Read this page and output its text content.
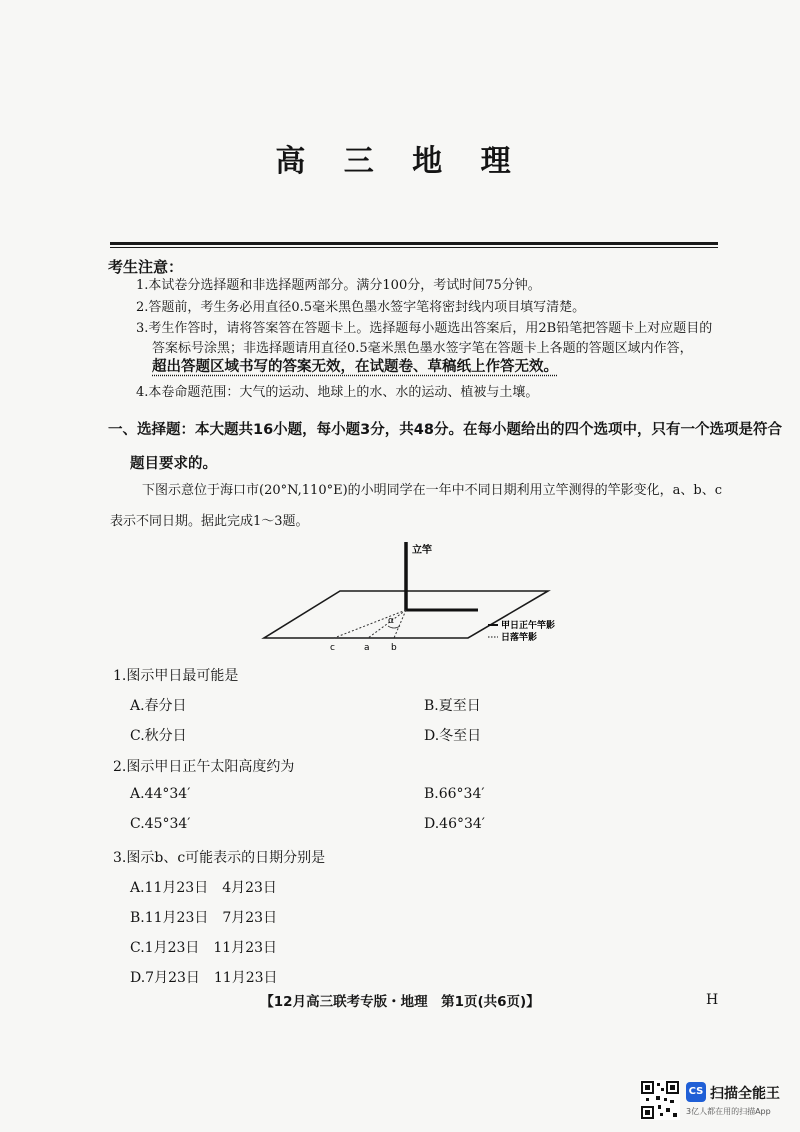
高 三 地 理
考生注意：
1.本试卷分选择题和非选择题两部分。满分100分，考试时间75分钟。
2.答题前，考生务必用直径0.5毫米黑色墨水签字笔将密封线内项目填写清楚。
3.考生作答时，请将答案答在答题卡上。选择题每小题选出答案后，用2B铅笔把答题卡上对应题目的
答案标号涂黑；非选择题请用直径0.5毫米黑色墨水签字笔在答题卡上各题的答题区域内作答，
超出答题区域书写的答案无效，在试题卷、草稿纸上作答无效。
4.本卷命题范围：大气的运动、地球上的水、水的运动、植被与土壤。
一、选择题：本大题共16小题，每小题3分，共48分。在每小题给出的四个选项中，只有一个选项是符合
题目要求的。
下图示意位于海口市(20°N,110°E)的小明同学在一年中不同日期利用立竿测得的竿影变化，a、b、c
表示不同日期。据此完成1～3题。
α
立竿
c	a b
甲日正午竿影
日落竿影
1.图示甲日最可能是
A.春分日	B.夏至日
C.秋分日	D.冬至日
2.图示甲日正午太阳高度约为
A.44°34′	B.66°34′
C.45°34′	D.46°34′
3.图示b、c可能表示的日期分别是
A.11月23日　4月23日
B.11月23日　7月23日
C.1月23日　11月23日
D.7月23日　11月23日
【12月高三联考专版・地理　第1页(共6页)】	H
CS 扫描全能王
3亿人都在用的扫描App
